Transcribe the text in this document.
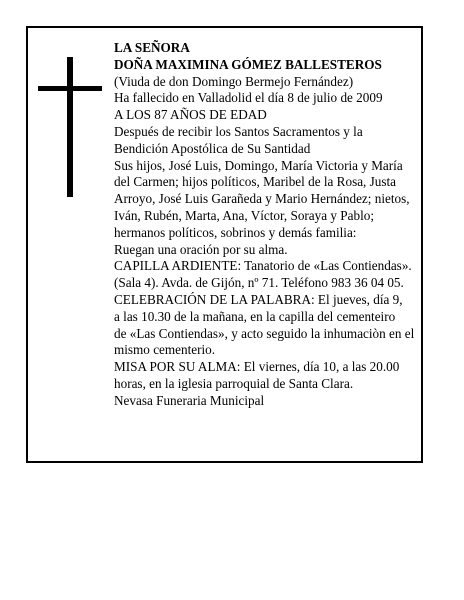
LA SEÑORA

DOÑA MAXIMINA GÓMEZ BALLESTEROS

(Viuda de don Domingo Bermejo Fernández)

Ha fallecido en Valladolid el día 8 de julio de 2009

A LOS 87 AÑOS DE EDAD

Después de recibir los Santos Sacramentos y la
Bendición Apostólica de Su Santidad

Sus hijos, José Luis, Domingo, María Victoria y María
del Carmen; hijos políticos, Maribel de la Rosa, Justa
Arroyo, José Luis Garañeda y Mario Hernández; nietos,
Iván, Rubén, Marta, Ana, Víctor, Soraya y Pablo;
hermanos políticos, sobrinos y demás familia:

Ruegan una oración por su alma.

CAPILLA ARDIENTE: Tanatorio de «Las Contiendas».
(Sala 4). Avda. de Gijón, nº 71. Teléfono 983 36 04 05.

CELEBRACIÓN DE LA PALABRA: El jueves, día 9,
a las 10.30 de la mañana, en la capilla del cementeiro
de «Las Contiendas», y acto seguido la inhumaciòn en el
mismo cementerio.

MISA POR SU ALMA: El viernes, día 10, a las 20.00
horas, en la iglesia parroquial de Santa Clara.

Nevasa Funeraria Municipal
